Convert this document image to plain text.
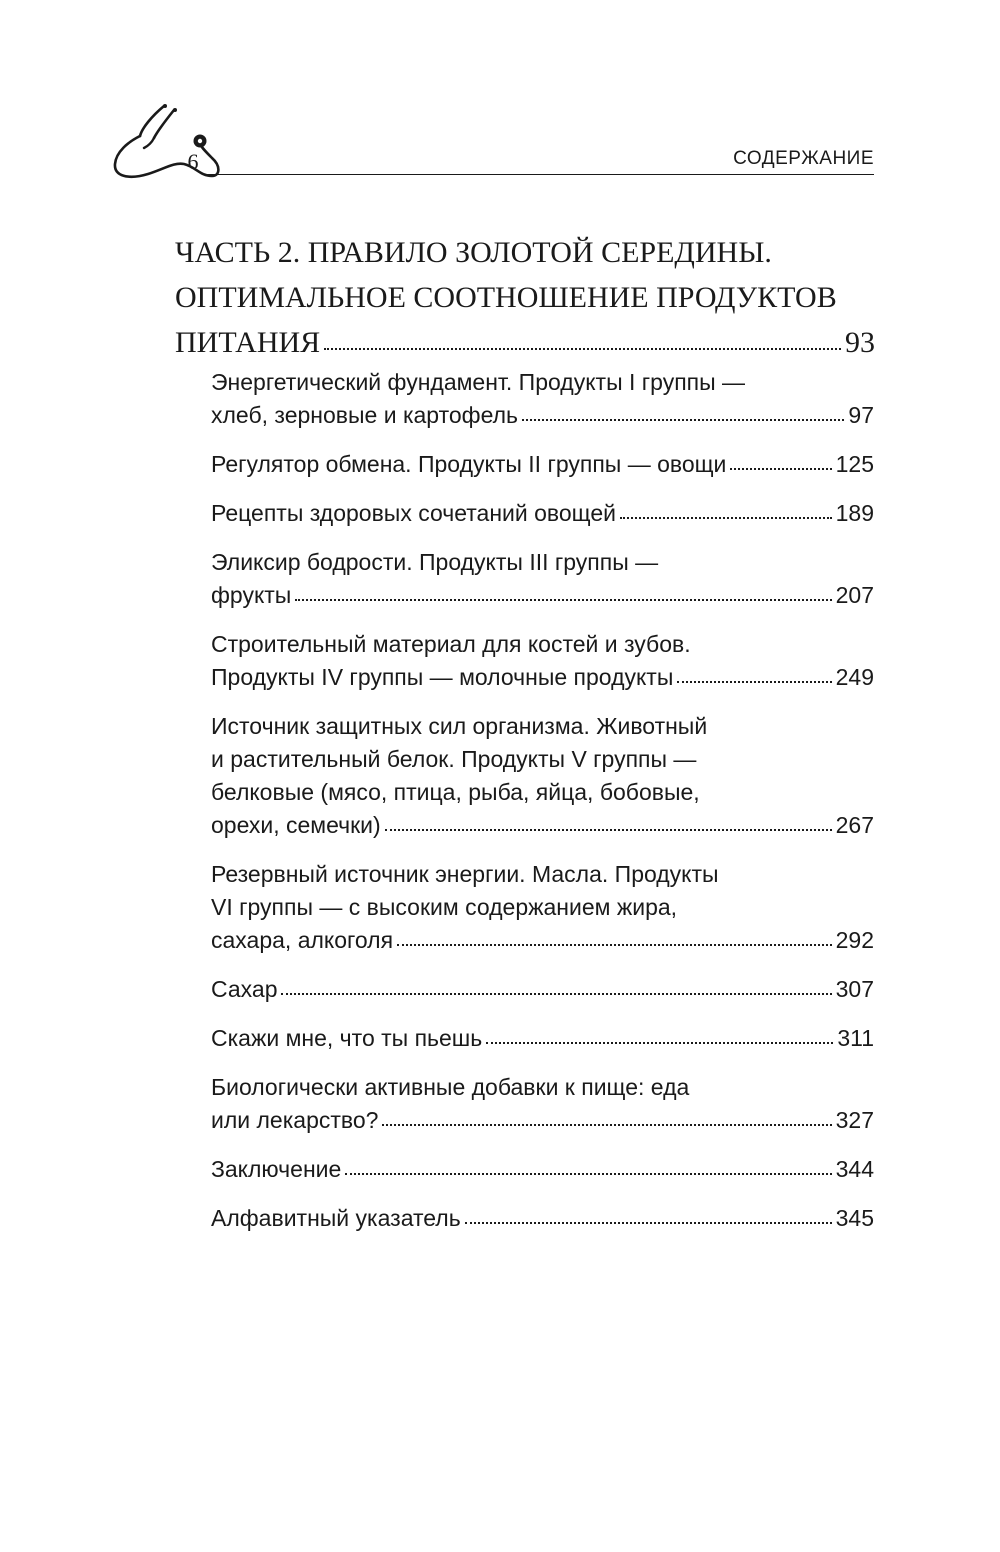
6	СОДЕРЖАНИЕ
ЧАСТЬ 2. ПРАВИЛО ЗОЛОТОЙ СЕРЕДИНЫ.
ОПТИМАЛЬНОЕ СООТНОШЕНИЕ ПРОДУКТОВ
ПИТАНИЯ	93
Энергетический фундамент. Продукты I группы —
хлеб, зерновые и картофель	97
Регулятор обмена. Продукты II группы — овощи	125
Рецепты здоровых сочетаний овощей	189
Эликсир бодрости. Продукты III группы —
фрукты	207
Строительный материал для костей и зубов.
Продукты IV группы — молочные продукты	249
Источник защитных сил организма. Животный
и растительный белок. Продукты V группы —
белковые (мясо, птица, рыба, яйца, бобовые,
орехи, семечки)	267
Резервный источник энергии. Масла. Продукты
VI группы — с высоким содержанием жира,
сахара, алкоголя	292
Сахар	307
Скажи мне, что ты пьешь	311
Биологически активные добавки к пище: еда
или лекарство?	327
Заключение	344
Алфавитный указатель	345
